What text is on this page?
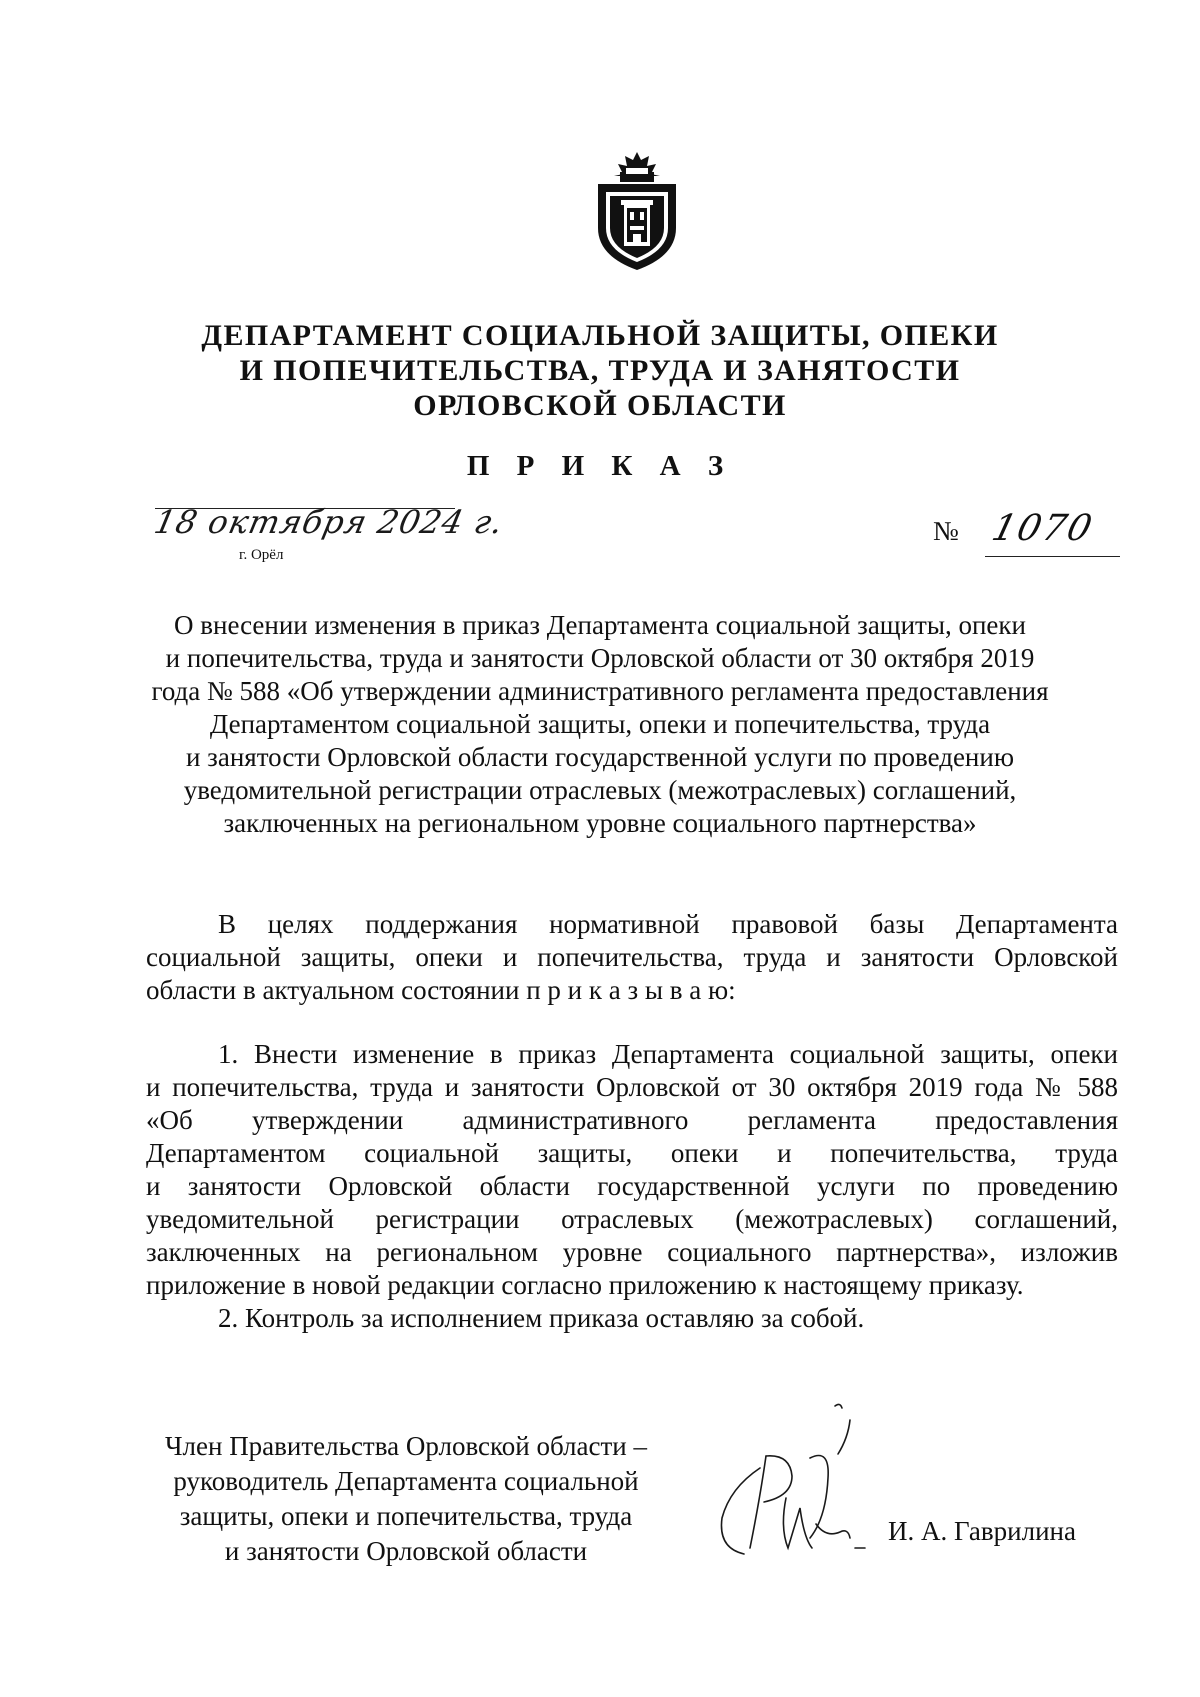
ДЕПАРТАМЕНТ СОЦИАЛЬНОЙ ЗАЩИТЫ, ОПЕКИ
И ПОПЕЧИТЕЛЬСТВА, ТРУДА И ЗАНЯТОСТИ
ОРЛОВСКОЙ ОБЛАСТИ
П Р И К А З
18 октября 2024 г.
г. Орёл
№ 1070
О внесении изменения в приказ Департамента социальной защиты, опеки
и попечительства, труда и занятости Орловской области от 30 октября 2019
года № 588 «Об утверждении административного регламента предоставления
Департаментом социальной защиты, опеки и попечительства, труда
и занятости Орловской области государственной услуги по проведению
уведомительной регистрации отраслевых (межотраслевых) соглашений,
заключенных на региональном уровне социального партнерства»
В целях поддержания нормативной правовой базы Департамента
социальной защиты, опеки и попечительства, труда и занятости Орловской
области в актуальном состоянии п р и к а з ы в а ю:
1. Внести изменение в приказ Департамента социальной защиты, опеки
и попечительства, труда и занятости Орловской от 30 октября 2019 года № 588
«Об утверждении административного регламента предоставления
Департаментом социальной защиты, опеки и попечительства, труда
и занятости Орловской области государственной услуги по проведению
уведомительной регистрации отраслевых (межотраслевых) соглашений,
заключенных на региональном уровне социального партнерства», изложив
приложение в новой редакции согласно приложению к настоящему приказу.
2. Контроль за исполнением приказа оставляю за собой.
Член Правительства Орловской области –
руководитель Департамента социальной
защиты, опеки и попечительства, труда
и занятости Орловской области
И. А. Гаврилина
